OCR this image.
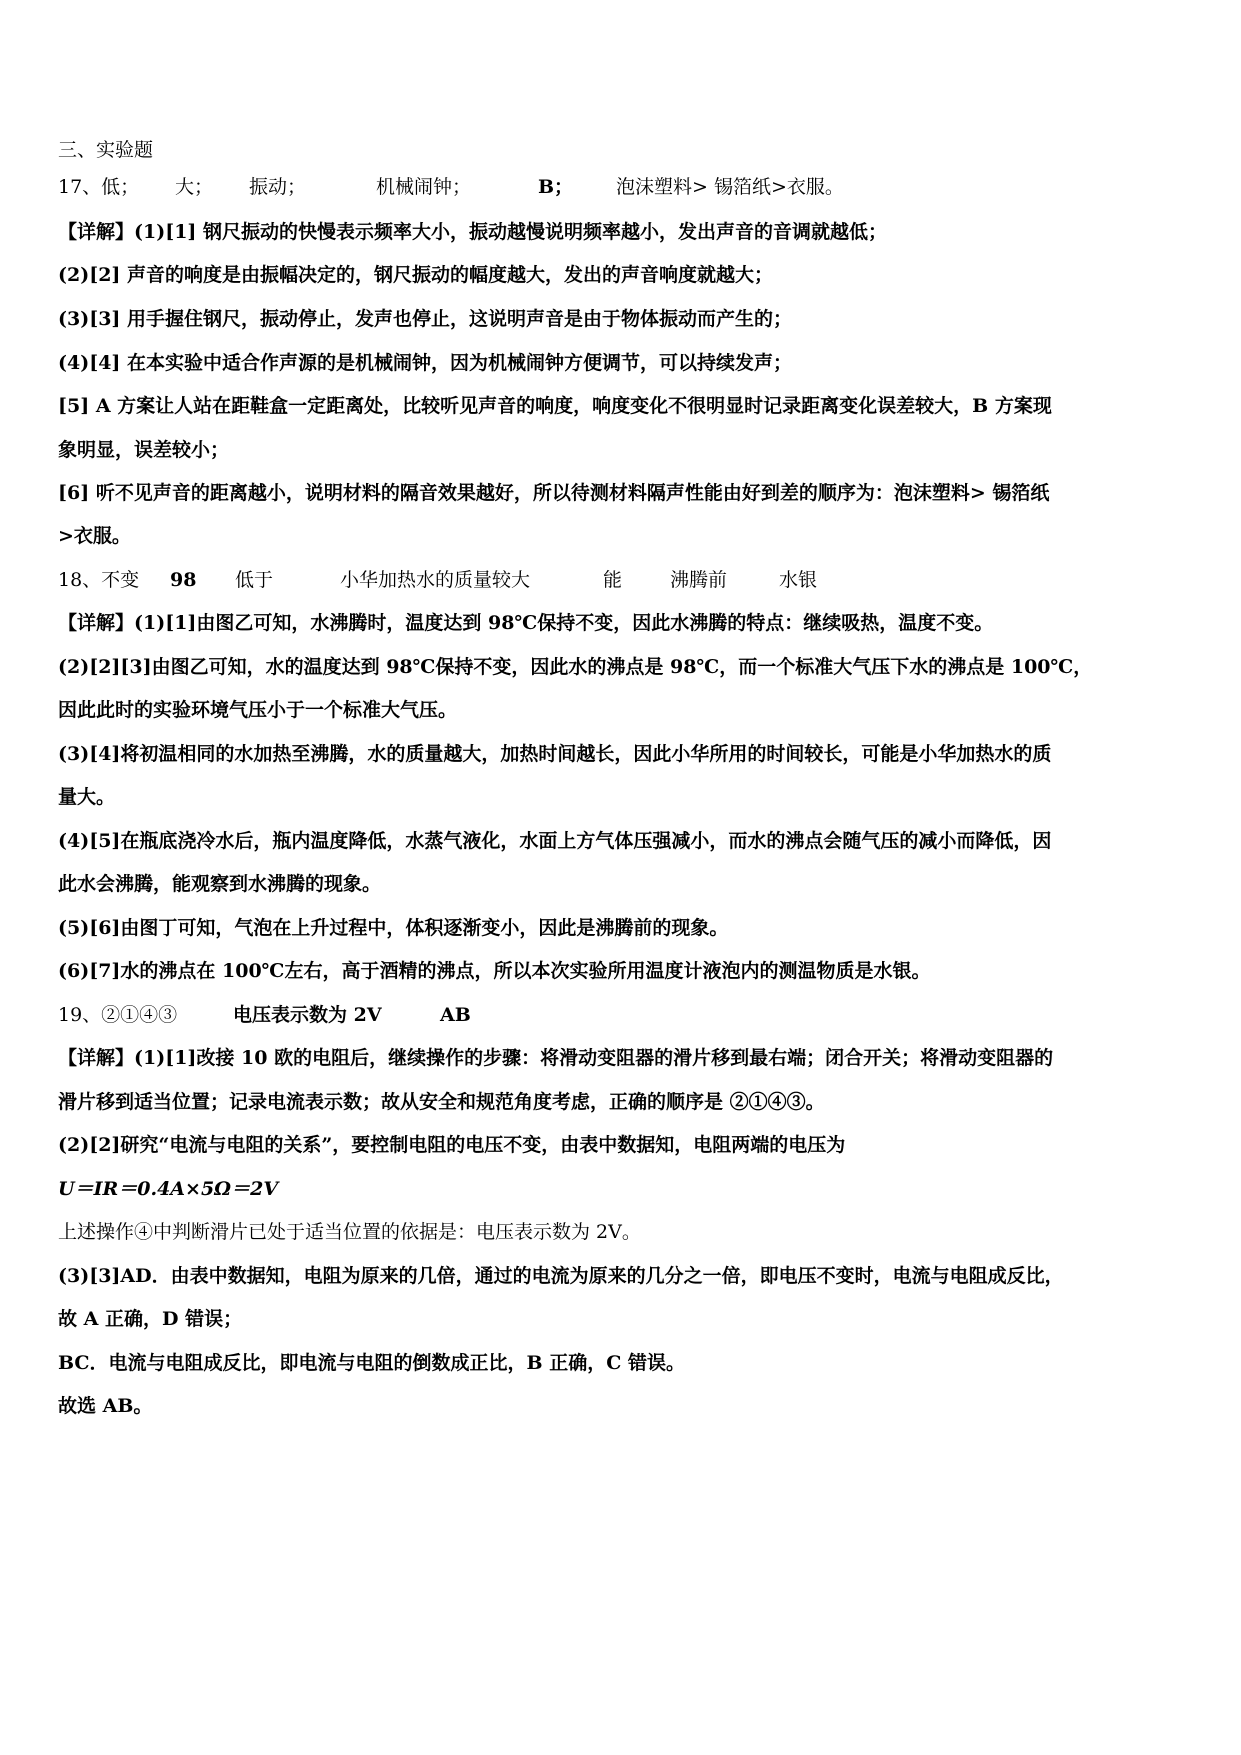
三、实验题
17、低； 大； 振动；	机械闹钟；	B； 泡沫塑料> 锡箔纸>衣服。
【详解】(1)[1] 钢尺振动的快慢表示频率大小，振动越慢说明频率越小，发出声音的音调就越低；
(2)[2] 声音的响度是由振幅决定的，钢尺振动的幅度越大，发出的声音响度就越大；
(3)[3] 用手握住钢尺，振动停止，发声也停止，这说明声音是由于物体振动而产生的；
(4)[4] 在本实验中适合作声源的是机械闹钟，因为机械闹钟方便调节，可以持续发声；
[5] A 方案让人站在距鞋盒一定距离处，比较听见声音的响度，响度变化不很明显时记录距离变化误差较大，B 方案现
象明显，误差较小；
[6] 听不见声音的距离越小，说明材料的隔音效果越好，所以待测材料隔声性能由好到差的顺序为：泡沫塑料> 锡箔纸
>衣服。
18、不变 98 低于	小华加热水的质量较大	能	沸腾前	水银
【详解】(1)[1]由图乙可知，水沸腾时，温度达到 98℃保持不变，因此水沸腾的特点：继续吸热，温度不变。
(2)[2][3]由图乙可知，水的温度达到 98℃保持不变，因此水的沸点是 98℃，而一个标准大气压下水的沸点是 100℃，
因此此时的实验环境气压小于一个标准大气压。
(3)[4]将初温相同的水加热至沸腾，水的质量越大，加热时间越长，因此小华所用的时间较长，可能是小华加热水的质
量大。
(4)[5]在瓶底浇冷水后，瓶内温度降低，水蒸气液化，水面上方气体压强减小，而水的沸点会随气压的减小而降低，因
此水会沸腾，能观察到水沸腾的现象。
(5)[6]由图丁可知，气泡在上升过程中，体积逐渐变小，因此是沸腾前的现象。
(6)[7]水的沸点在 100℃左右，高于酒精的沸点，所以本次实验所用温度计液泡内的测温物质是水银。
19、②①④③	电压表示数为 2V	AB
【详解】(1)[1]改接 10 欧的电阻后，继续操作的步骤：将滑动变阻器的滑片移到最右端；闭合开关；将滑动变阻器的
滑片移到适当位置；记录电流表示数；故从安全和规范角度考虑，正确的顺序是 ②①④③。
(2)[2]研究“电流与电阻的关系”，要控制电阻的电压不变，由表中数据知，电阻两端的电压为
U＝IR＝0.4A×5Ω＝2V
上述操作④中判断滑片已处于适当位置的依据是：电压表示数为 2V。
(3)[3]AD．由表中数据知，电阻为原来的几倍，通过的电流为原来的几分之一倍，即电压不变时，电流与电阻成反比，
故 A 正确，D 错误；
BC．电流与电阻成反比，即电流与电阻的倒数成正比，B 正确，C 错误。
故选 AB。
